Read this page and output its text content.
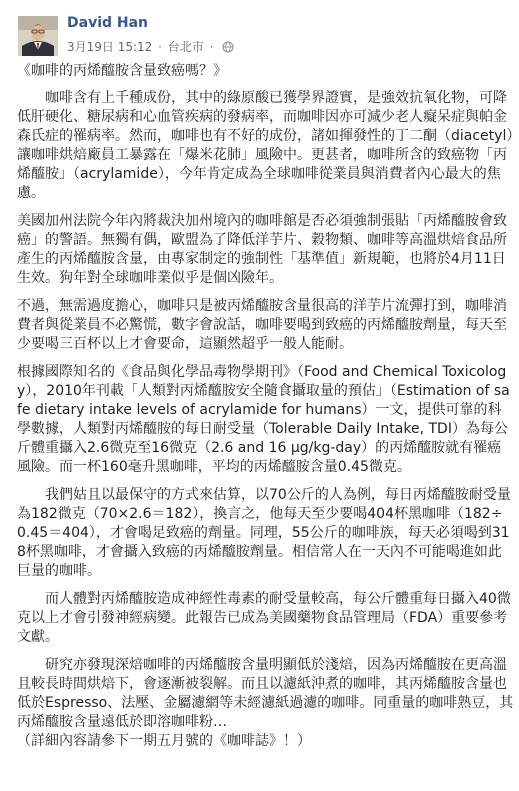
David Han
3月19日 15:12 · 台北市 ·

《咖啡的丙烯醯胺含量致癌嗎？》

咖啡含有上千種成份，其中的綠原酸已獲學界證實，是強效抗氧化物，可降低肝硬化、糖尿病和心血管疾病的發病率，而咖啡因亦可減少老人癡呆症與帕金森氏症的罹病率。然而，咖啡也有不好的成份，諸如揮發性的丁二酮（diacetyl）讓咖啡烘焙廠員工暴露在「爆米花肺」風險中。更甚者，咖啡所含的致癌物「丙烯醯胺」（acrylamide），今年肯定成為全球咖啡從業員與消費者內心最大的焦慮。

美國加州法院今年內將裁決加州境內的咖啡館是否必須強制張貼「丙烯醯胺會致癌」的警語。無獨有偶，歐盟為了降低洋芋片、穀物類、咖啡等高溫烘焙食品所產生的丙烯醯胺含量，由專家制定的強制性「基準值」新規範，也將於4月11日生效。狗年對全球咖啡業似乎是個凶險年。

不過，無需過度擔心，咖啡只是被丙烯醯胺含量很高的洋芋片流彈打到，咖啡消費者與從業員不必驚慌，數字會說話，咖啡要喝到致癌的丙烯醯胺劑量，每天至少要喝三百杯以上才會要命，這顯然超乎一般人能耐。

根據國際知名的《食品與化學品毒物學期刊》（Food and Chemical Toxicology），2010年刊載「人類對丙烯醯胺安全隨食攝取量的預估」（Estimation of safe dietary intake levels of acrylamide for humans）一文，提供可靠的科學數據，人類對丙烯醯胺的每日耐受量（Tolerable Daily Intake, TDI）為每公斤體重攝入2.6微克至16微克（2.6 and 16 μg/kg-day）的丙烯醯胺就有罹癌風險。而一杯160毫升黑咖啡，平均的丙烯醯胺含量0.45微克。

我們姑且以最保守的方式來估算，以70公斤的人為例，每日丙烯醯胺耐受量為182微克（70×2.6＝182），換言之，他每天至少要喝404杯黑咖啡（182÷0.45＝404），才會喝足致癌的劑量。同理，55公斤的咖啡族，每天必須喝到318杯黑咖啡，才會攝入致癌的丙烯醯胺劑量。相信常人在一天內不可能喝進如此巨量的咖啡。

而人體對丙烯醯胺造成神經性毒素的耐受量較高，每公斤體重每日攝入40微克以上才會引發神經病變。此報告已成為美國藥物食品管理局（FDA）重要參考文獻。

研究亦發現深焙咖啡的丙烯醯胺含量明顯低於淺焙，因為丙烯醯胺在更高溫且較長時間烘焙下，會逐漸被裂解。而且以濾紙沖煮的咖啡，其丙烯醯胺含量也低於Espresso、法壓、金屬濾網等未經濾紙過濾的咖啡。同重量的咖啡熟豆，其丙烯醯胺含量遠低於即溶咖啡粉…

（詳細內容請參下一期五月號的《咖啡誌》！）
